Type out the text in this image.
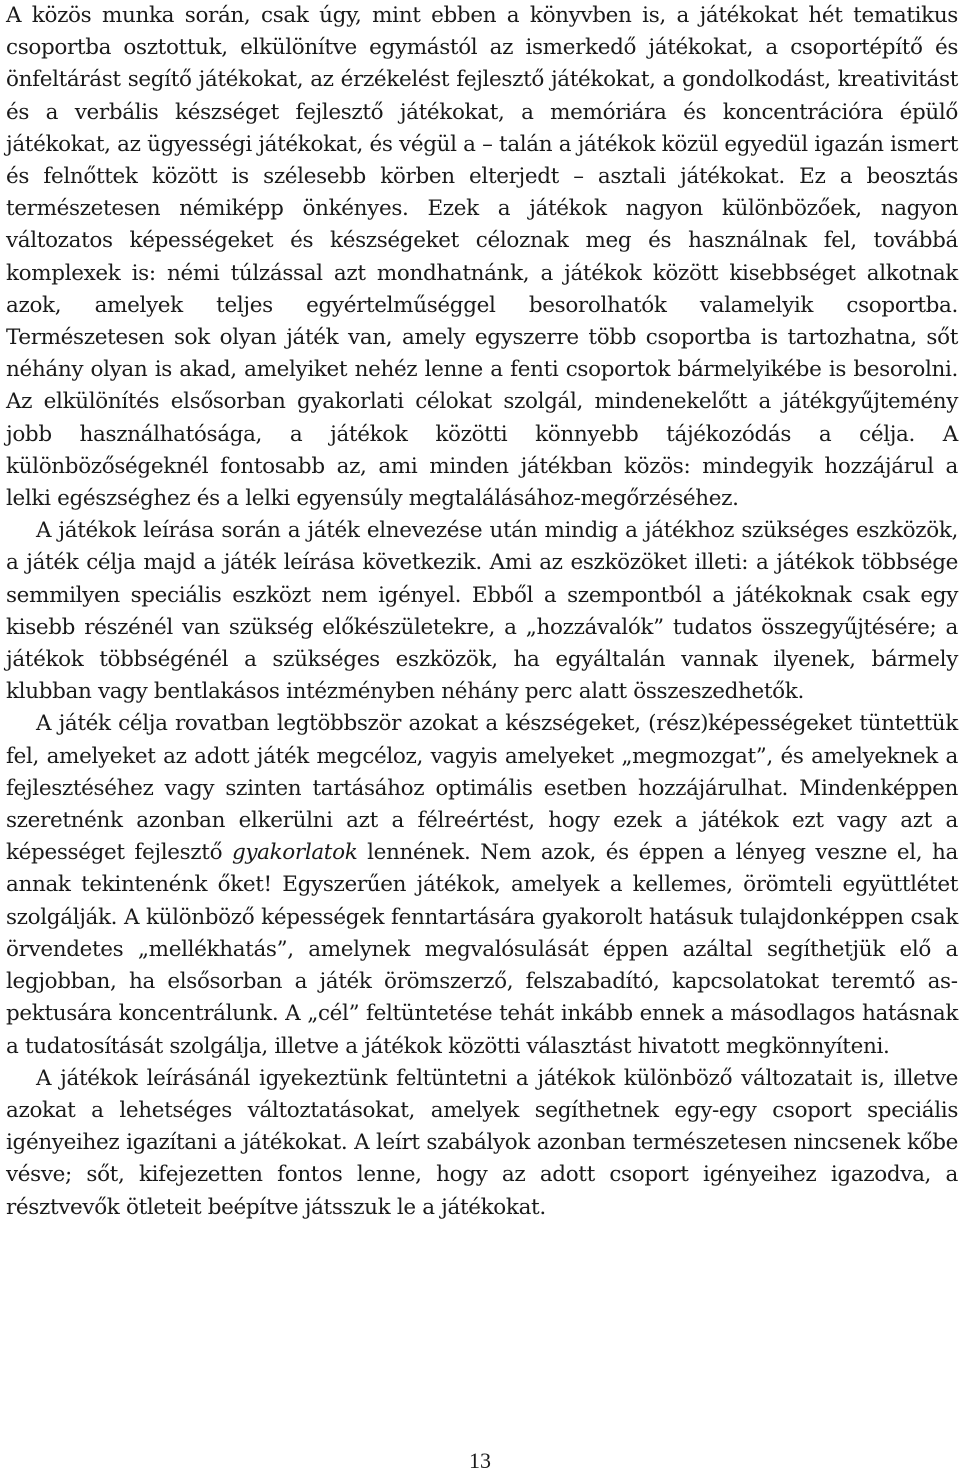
A közös munka során, csak úgy, mint ebben a könyvben is, a játékokat hét tematikus csoportba osztottuk, elkülönítve egymástól az ismerkedő játékokat, a csoportépítő és önfeltárást segítő játékokat, az érzékelést fejlesztő játékokat, a gondolkodást, kreativitást és a verbális készséget fejlesztő játékokat, a memóriára és koncentrációra épülő játékokat, az ügyességi játékokat, és végül a – talán a játékok közül egyedül igazán ismert és felnőttek között is szélesebb körben elterjedt – asztali játékokat. Ez a beosztás természetesen némiképp önkényes. Ezek a játékok nagyon különbözőek, nagyon változatos képességeket és készségeket céloznak meg és használnak fel, továbbá komplexek is: némi túlzással azt mondhatnánk, a játékok között kisebbséget alkotnak azok, amelyek teljes egyértelműséggel besorolhatók valamelyik csoportba. Természetesen sok olyan játék van, amely egyszerre több csoportba is tartozhatna, sőt néhány olyan is akad, amelyiket nehéz lenne a fenti csoportok bármelyikébe is besorolni. Az elkülönítés elsősorban gyakorlati célokat szolgál, mindenekelőtt a játékgyűjtemény jobb használhatósága, a játékok közötti könnyebb tájékozódás a célja. A különbözőségeknél fontosabb az, ami minden játékban közös: mindegyik hozzájárul a lelki egészséghez és a lelki egyensúly megtalálásához-megőrzéséhez.

A játékok leírása során a játék elnevezése után mindig a játékhoz szükséges eszközök, a játék célja majd a játék leírása következik. Ami az eszközöket illeti: a játékok többsége semmilyen speciális eszközt nem igényel. Ebből a szempontból a játékoknak csak egy kisebb részénél van szükség előkészületekre, a „hozzávalók” tudatos összegyűjtésére; a játékok többségénél a szükséges eszközök, ha egyáltalán vannak ilyenek, bármely klubban vagy bentlakásos intézményben néhány perc alatt összeszedhetők.

A játék célja rovatban legtöbbször azokat a készségeket, (rész)képességeket tüntettük fel, amelyeket az adott játék megcéloz, vagyis amelyeket „megmozgat”, és amelyeknek a fejlesztéséhez vagy szinten tartásához optimális esetben hozzájárulhat. Mindenképpen szeretnénk azonban elkerülni azt a félreértést, hogy ezek a játékok ezt vagy azt a képességet fejlesztő gyakorlatok lennének. Nem azok, és éppen a lényeg veszne el, ha annak tekintenénk őket! Egyszerűen játékok, amelyek a kellemes, örömteli együttlétet szolgálják. A különböző képességek fenntartására gyakorolt hatásuk tulajdonképpen csak örvendetes „mellékhatás”, amelynek megvalósulását éppen azáltal segíthetjük elő a legjobban, ha elsősorban a játék örömszerző, felszabadító, kapcsolatokat teremtő aspektusára koncentrálunk. A „cél” feltüntetése tehát inkább ennek a másodlagos hatásnak a tudatosítását szolgálja, illetve a játékok közötti választást hivatott megkönnyíteni.

A játékok leírásánál igyekeztünk feltüntetni a játékok különböző változatait is, illetve azokat a lehetséges változtatásokat, amelyek segíthetnek egy-egy csoport speciális igényeihez igazítani a játékokat. A leírt szabályok azonban természetesen nincsenek kőbe vésve; sőt, kifejezetten fontos lenne, hogy az adott csoport igényeihez igazodva, a résztvevők ötleteit beépítve játsszuk le a játékokat.

13
